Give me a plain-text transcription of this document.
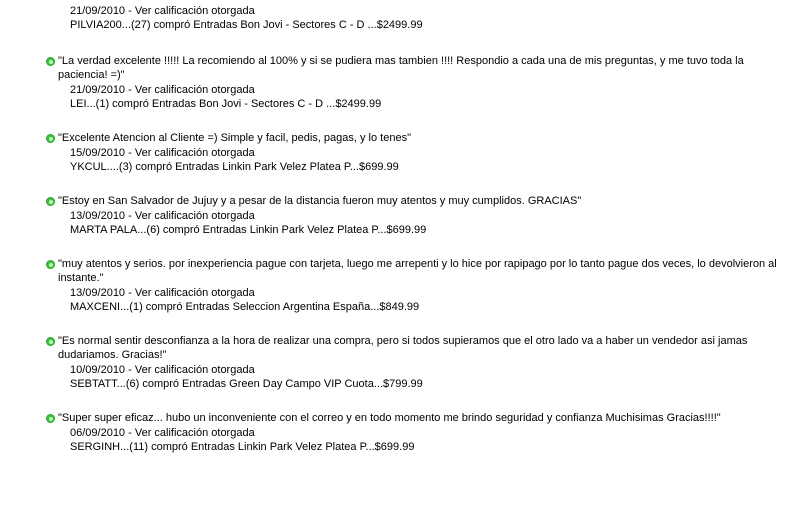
21/09/2010 - Ver calificación otorgada
PILVIA200...(27) compró Entradas Bon Jovi - Sectores C - D ...$2499.99
"La verdad excelente !!!!! La recomiendo al 100% y si se pudiera mas tambien !!!! Respondio a cada una de mis preguntas, y me tuvo toda la paciencia! =)"
21/09/2010 - Ver calificación otorgada
LEI...(1) compró Entradas Bon Jovi - Sectores C - D ...$2499.99
"Excelente Atencion al Cliente =) Simple y facil, pedis, pagas, y lo tenes"
15/09/2010 - Ver calificación otorgada
YKCUL....(3) compró Entradas Linkin Park Velez Platea P...$699.99
"Estoy en San Salvador de Jujuy y a pesar de la distancia fueron muy atentos y muy cumplidos. GRACIAS"
13/09/2010 - Ver calificación otorgada
MARTA PALA...(6) compró Entradas Linkin Park Velez Platea P...$699.99
"muy atentos y serios. por inexperiencia pague con tarjeta, luego me arrepenti y lo hice por rapipago por lo tanto pague dos veces, lo devolvieron al instante."
13/09/2010 - Ver calificación otorgada
MAXCENI...(1) compró Entradas Seleccion Argentina España...$849.99
"Es normal sentir desconfianza a la hora de realizar una compra, pero si todos supieramos que el otro lado va a haber un vendedor asi jamas dudariamos. Gracias!"
10/09/2010 - Ver calificación otorgada
SEBTATT...(6) compró Entradas Green Day Campo VIP Cuota...$799.99
"Super super eficaz... hubo un inconveniente con el correo y en todo momento me brindo seguridad y confianza Muchisimas Gracias!!!!"
06/09/2010 - Ver calificación otorgada
SERGINH...(11) compró Entradas Linkin Park Velez Platea P...$699.99
